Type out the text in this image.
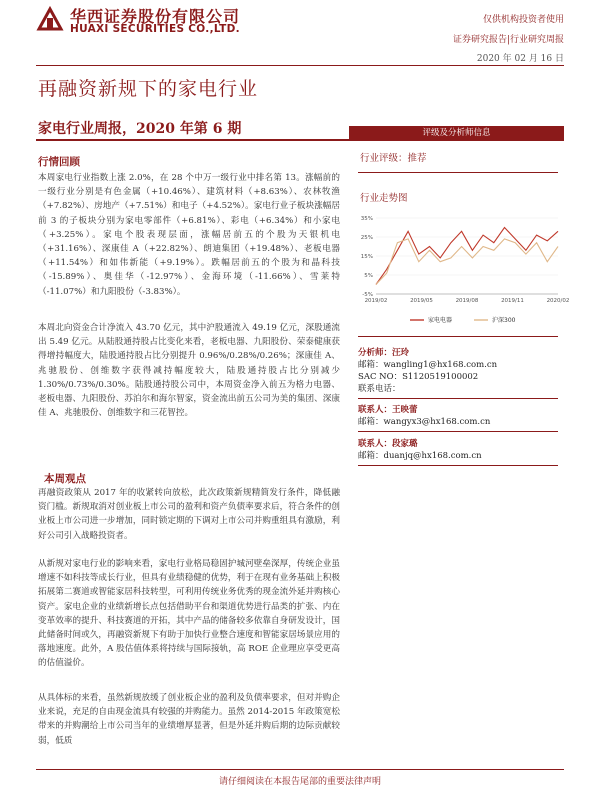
华西证券股份有限公司
HUAXI SECURITIES CO.,LTD.
仅供机构投资者使用
证券研究报告|行业研究周报
2020 年 02 月 16 日
再融资新规下的家电行业
家电行业周报，2020 年第 6 期
行情回顾
本周家电行业指数上涨 2.0%，在 28 个中万一级行业中排名第 13。涨幅前的一级行业分别是有色金属（+10.46%）、建筑材料（+8.63%）、农林牧渔（+7.82%）、房地产（+7.51%）和电子（+4.52%）。家电行业子板块涨幅居前 3 的子板块分别为家电零部件（+6.81%）、彩电（+6.34%）和小家电（+3.25%）。家电个股表现层面，涨幅居前五的个股为天银机电（+31.16%）、深康佳 A（+22.82%）、朗迪集团（+19.48%）、老板电器（+11.54%）和如伟新能（+9.19%）。跌幅居前五的个股为和晶科技（-15.89%）、奥佳华（-12.97%）、金海环境（-11.66%）、雪莱特（-11.07%）和九阳股份（-3.83%）。
本周北向资金合计净流入 43.70 亿元，其中沪股通流入 49.19 亿元，深股通流出 5.49 亿元。从陆股通持股占比变化来看，老板电器、九阳股份、荣泰健康获得增持幅度大，陆股通持股占比分别提升 0.96%/0.28%/0.26%；深康佳 A、兆驰股份、创维数字获得减持幅度较大，陆股通持股占比分别减少 1.30%/0.73%/0.30%。陆股通持股公司中，本周资金净入前五为格力电器、老板电器、九阳股份、苏泊尔和海尔智家，资金流出前五公司为美的集团、深康佳 A、兆驰股份、创维数字和三花智控。
本周观点
再融资政策从 2017 年的收紧转向放松，此次政策新规精简发行条件，降低融资门槛。新规取消对创业板上市公司的盈利和资产负债率要求后，符合条件的创业板上市公司进一步增加，同时锁定期的下调对上市公司并购重组具有激励，利好公司引入战略投资者。
从新规对家电行业的影响来看，家电行业格局稳固护城河壁垒深厚，传统企业虽增速不如科技等成长行业，但具有业绩稳健的优势，利于在现有业务基础上积极拓展第二赛道或智能家居科技转型，可利用传统业务优秀的现金流外延并购核心资产。家电企业的业绩新增长点包括借助平台和渠道优势进行品类的扩张、内在变革效率的提升、科技赛道的开拓，其中产品的储备较多依靠自身研发设计，国此储备时间或久，再融资新规下有助于加快行业整合速度和智能家居场景应用的落地速度。此外，A 股估值体系将持续与国际接轨，高 ROE 企业理应享受更高的估值溢价。
从具体标的来看，虽然新规放缓了创业板企业的盈利及负债率要求，但对并购企业来说，充足的自由现金流具有较强的并购能力。虽然 2014-2015 年政策宽松带来的并购潮给上市公司当年的业绩增厚显著，但是外延并购后期的边际贡献较弱，低质
评级及分析师信息
行业评级：推荐
行业走势图
35%
25%
15%
5%
-5%
2019/02	2019/05	2019/08	2019/11	2020/02
家电电器	沪深300
分析师：汪玲
邮箱：wangling1@hx168.com.cn
SAC NO：S1120519100002
联系电话：
联系人：王映蕾
邮箱：wangyx3@hx168.com.cn
联系人：段家璐
邮箱：duanjq@hx168.com.cn
请仔细阅读在本报告尾部的重要法律声明
